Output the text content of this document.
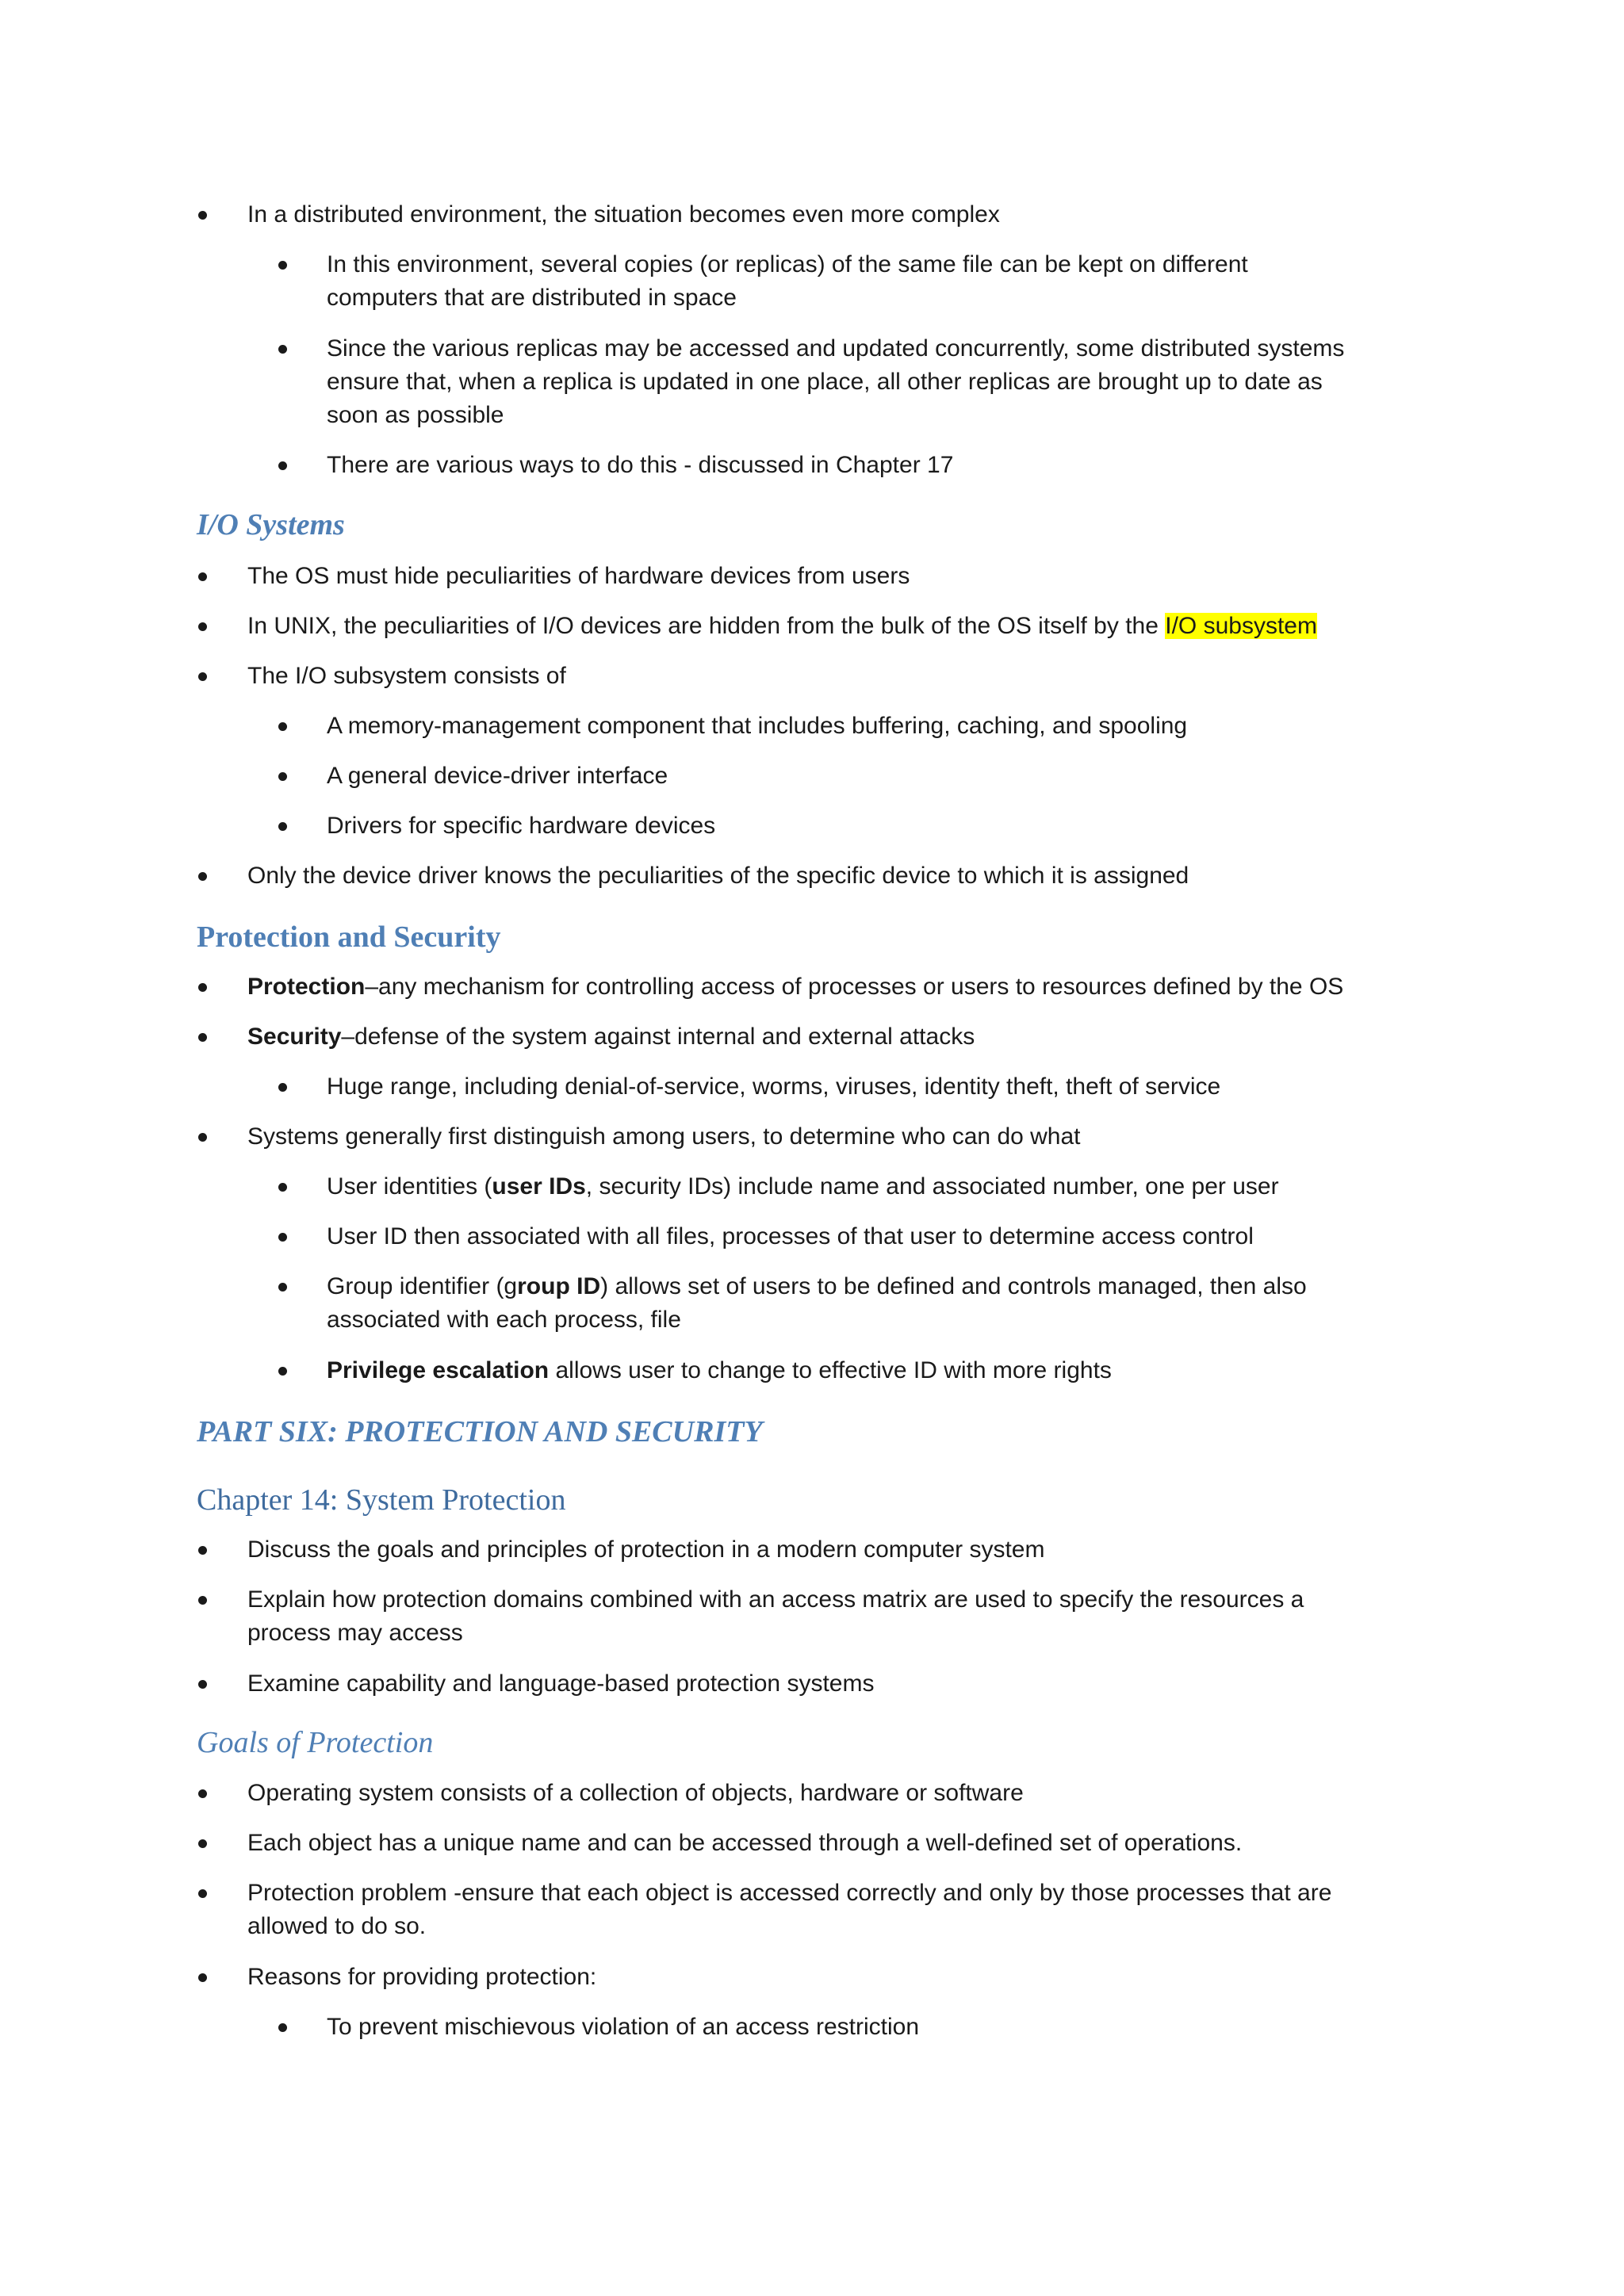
In a distributed environment, the situation becomes even more complex
In this environment, several copies (or replicas) of the same file can be kept on different
computers that are distributed in space
Since the various replicas may be accessed and updated concurrently, some distributed systems
ensure that, when a replica is updated in one place, all other replicas are brought up to date as
soon as possible
There are various ways to do this - discussed in Chapter 17
I/O Systems
The OS must hide peculiarities of hardware devices from users
In UNIX, the peculiarities of I/O devices are hidden from the bulk of the OS itself by the I/O subsystem
The I/O subsystem consists of
A memory-management component that includes buffering, caching, and spooling
A general device-driver interface
Drivers for specific hardware devices
Only the device driver knows the peculiarities of the specific device to which it is assigned
Protection and Security
Protection–any mechanism for controlling access of processes or users to resources defined by the OS
Security–defense of the system against internal and external attacks
Huge range, including denial-of-service, worms, viruses, identity theft, theft of service
Systems generally first distinguish among users, to determine who can do what
User identities (user IDs, security IDs) include name and associated number, one per user
User ID then associated with all files, processes of that user to determine access control
Group identifier (group ID) allows set of users to be defined and controls managed, then also
associated with each process, file
Privilege escalation allows user to change to effective ID with more rights
PART SIX: PROTECTION AND SECURITY
Chapter 14: System Protection
Discuss the goals and principles of protection in a modern computer system
Explain how protection domains combined with an access matrix are used to specify the resources a
process may access
Examine capability and language-based protection systems
Goals of Protection
Operating system consists of a collection of objects, hardware or software
Each object has a unique name and can be accessed through a well-defined set of operations.
Protection problem -ensure that each object is accessed correctly and only by those processes that are
allowed to do so.
Reasons for providing protection:
To prevent mischievous violation of an access restriction
